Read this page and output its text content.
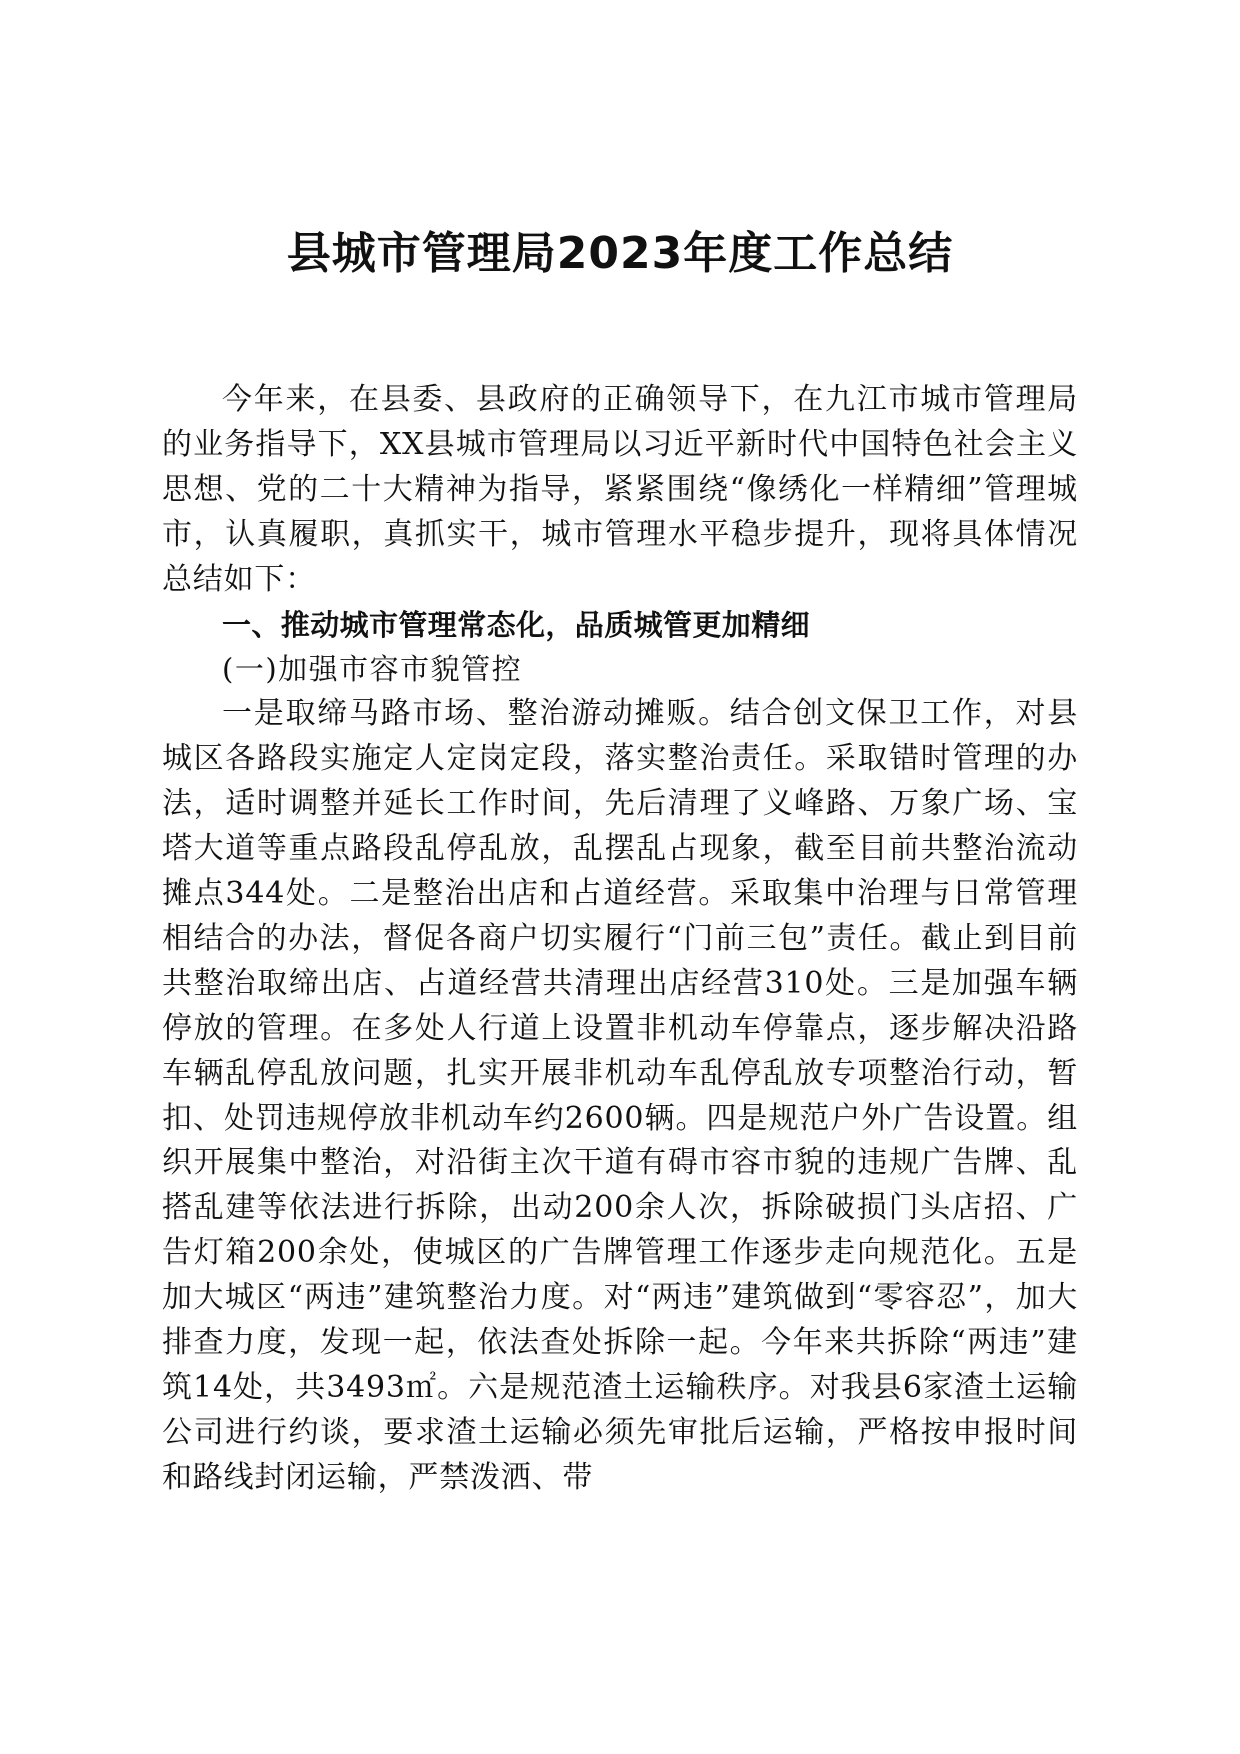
县城市管理局2023年度工作总结

今年来，在县委、县政府的正确领导下，在九江市城市管理局的业务指导下，XX县城市管理局以习近平新时代中国特色社会主义思想、党的二十大精神为指导，紧紧围绕“像绣化一样精细”管理城市，认真履职，真抓实干，城市管理水平稳步提升，现将具体情况总结如下：

一、推动城市管理常态化，品质城管更加精细

(一)加强市容市貌管控

一是取缔马路市场、整治游动摊贩。结合创文保卫工作，对县城区各路段实施定人定岗定段，落实整治责任。采取错时管理的办法，适时调整并延长工作时间，先后清理了义峰路、万象广场、宝塔大道等重点路段乱停乱放，乱摆乱占现象，截至目前共整治流动摊点344处。二是整治出店和占道经营。采取集中治理与日常管理相结合的办法，督促各商户切实履行“门前三包”责任。截止到目前共整治取缔出店、占道经营共清理出店经营310处。三是加强车辆停放的管理。在多处人行道上设置非机动车停靠点，逐步解决沿路车辆乱停乱放问题，扎实开展非机动车乱停乱放专项整治行动，暂扣、处罚违规停放非机动车约2600辆。四是规范户外广告设置。组织开展集中整治，对沿街主次干道有碍市容市貌的违规广告牌、乱搭乱建等依法进行拆除，出动200余人次，拆除破损门头店招、广告灯箱200余处，使城区的广告牌管理工作逐步走向规范化。五是加大城区“两违”建筑整治力度。对“两违”建筑做到“零容忍”，加大排查力度，发现一起，依法查处拆除一起。今年来共拆除“两违”建筑14处，共3493㎡。六是规范渣土运输秩序。对我县6家渣土运输公司进行约谈，要求渣土运输必须先审批后运输，严格按申报时间和路线封闭运输，严禁泼洒、带
